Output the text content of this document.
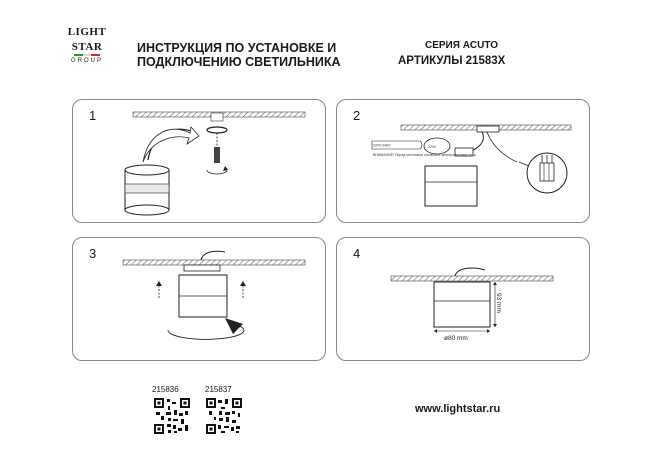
LIGHT
STAR
GROUP
ИНСТРУКЦИЯ ПО УСТАНОВКЕ И
ПОДКЛЮЧЕНИЮ СВЕТИЛЬНИКА
СЕРИЯ ACUTO
АРТИКУЛЫ 21583X
1	2
220V
220V-240V
ВНИМАНИЕ! Перед монтажом отключите электропитание сети
3	4
93 mm
ø80 mm
215836	215837
www.lightstar.ru
